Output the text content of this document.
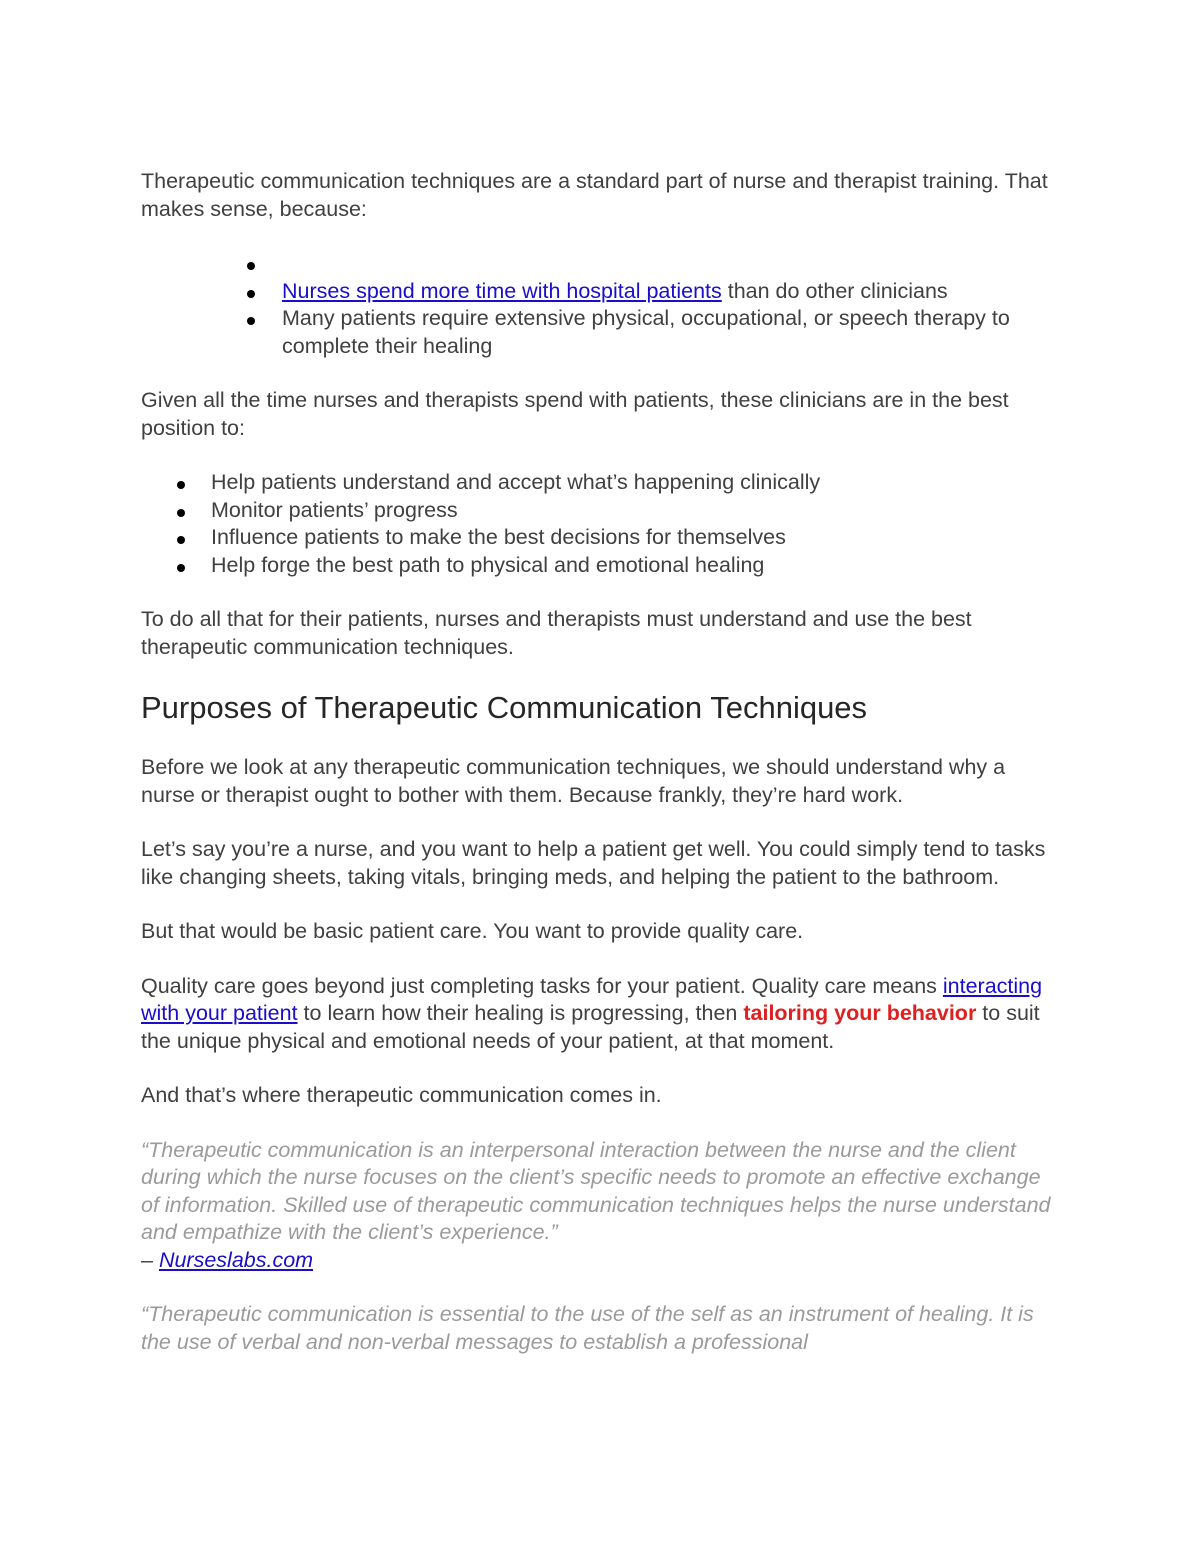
Therapeutic communication techniques are a standard part of nurse and therapist training. That makes sense, because:

Nurses spend more time with hospital patients than do other clinicians
Many patients require extensive physical, occupational, or speech therapy to complete their healing

Given all the time nurses and therapists spend with patients, these clinicians are in the best position to:

Help patients understand and accept what’s happening clinically
Monitor patients’ progress
Influence patients to make the best decisions for themselves
Help forge the best path to physical and emotional healing

To do all that for their patients, nurses and therapists must understand and use the best therapeutic communication techniques.

Purposes of Therapeutic Communication Techniques

Before we look at any therapeutic communication techniques, we should understand why a nurse or therapist ought to bother with them. Because frankly, they’re hard work.

Let’s say you’re a nurse, and you want to help a patient get well. You could simply tend to tasks like changing sheets, taking vitals, bringing meds, and helping the patient to the bathroom.

But that would be basic patient care. You want to provide quality care.

Quality care goes beyond just completing tasks for your patient. Quality care means interacting with your patient to learn how their healing is progressing, then tailoring your behavior to suit the unique physical and emotional needs of your patient, at that moment.

And that’s where therapeutic communication comes in.

“Therapeutic communication is an interpersonal interaction between the nurse and the client during which the nurse focuses on the client’s specific needs to promote an effective exchange of information. Skilled use of therapeutic communication techniques helps the nurse understand and empathize with the client’s experience.”

– Nurseslabs.com

“Therapeutic communication is essential to the use of the self as an instrument of healing. It is the use of verbal and non-verbal messages to establish a professional
